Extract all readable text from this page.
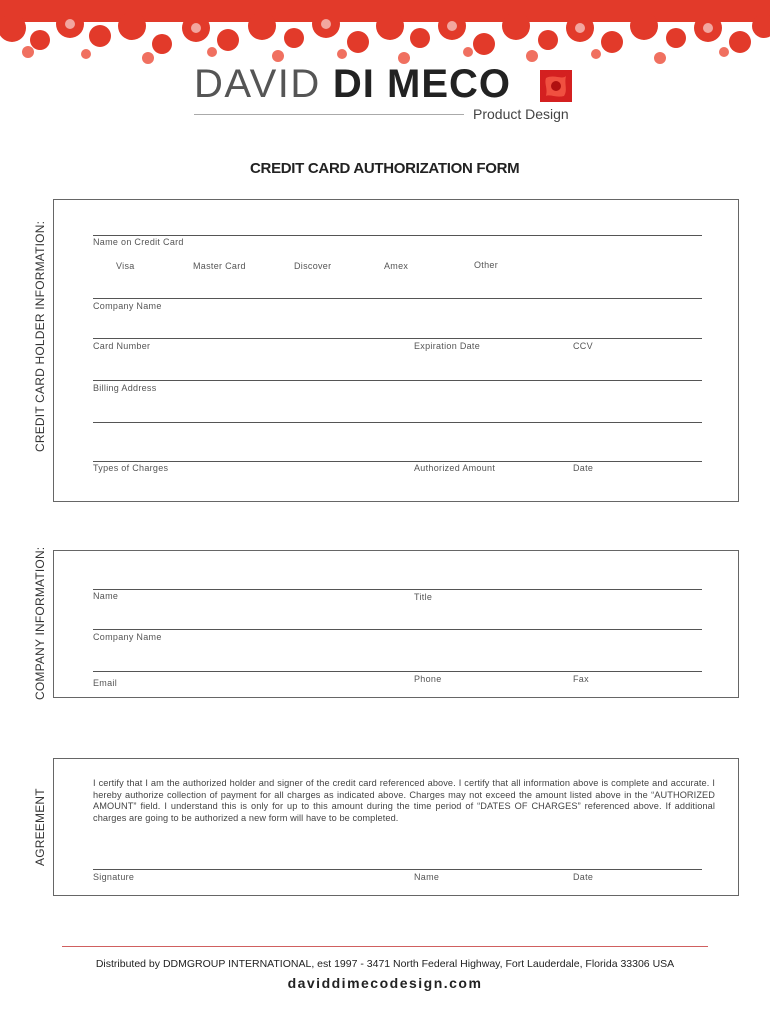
DAVID DI MECO
Product Design
CREDIT CARD AUTHORIZATION FORM
CREDIT CARD HOLDER INFORMATION:	Name on Credit Card
Visa	Master Card	Discover	Amex	Other
Company Name
Card Number	Expiration Date	CCV
Billing Address
Types of Charges	Authorized Amount	Date
COMPANY INFORMATION:	Name	Title
Company Name
Email	Phone	Fax
AGREEMENT
I certify that I am the authorized holder and signer of the credit card referenced above. I certify that all information above is complete and accurate. I hereby authorize collection of payment for all charges as indicated above. Charges may not exceed the amount listed above in the “AUTHORIZED AMOUNT” field. I understand this is only for up to this amount during the time period of “DATES OF CHARGES” referenced above. If additional charges are going to be authorized a new form will have to be completed.
Signature	Name	Date
Distributed by DDMGROUP INTERNATIONAL, est 1997 - 3471 North Federal Highway, Fort Lauderdale, Florida 33306 USA
daviddimecodesign.com
